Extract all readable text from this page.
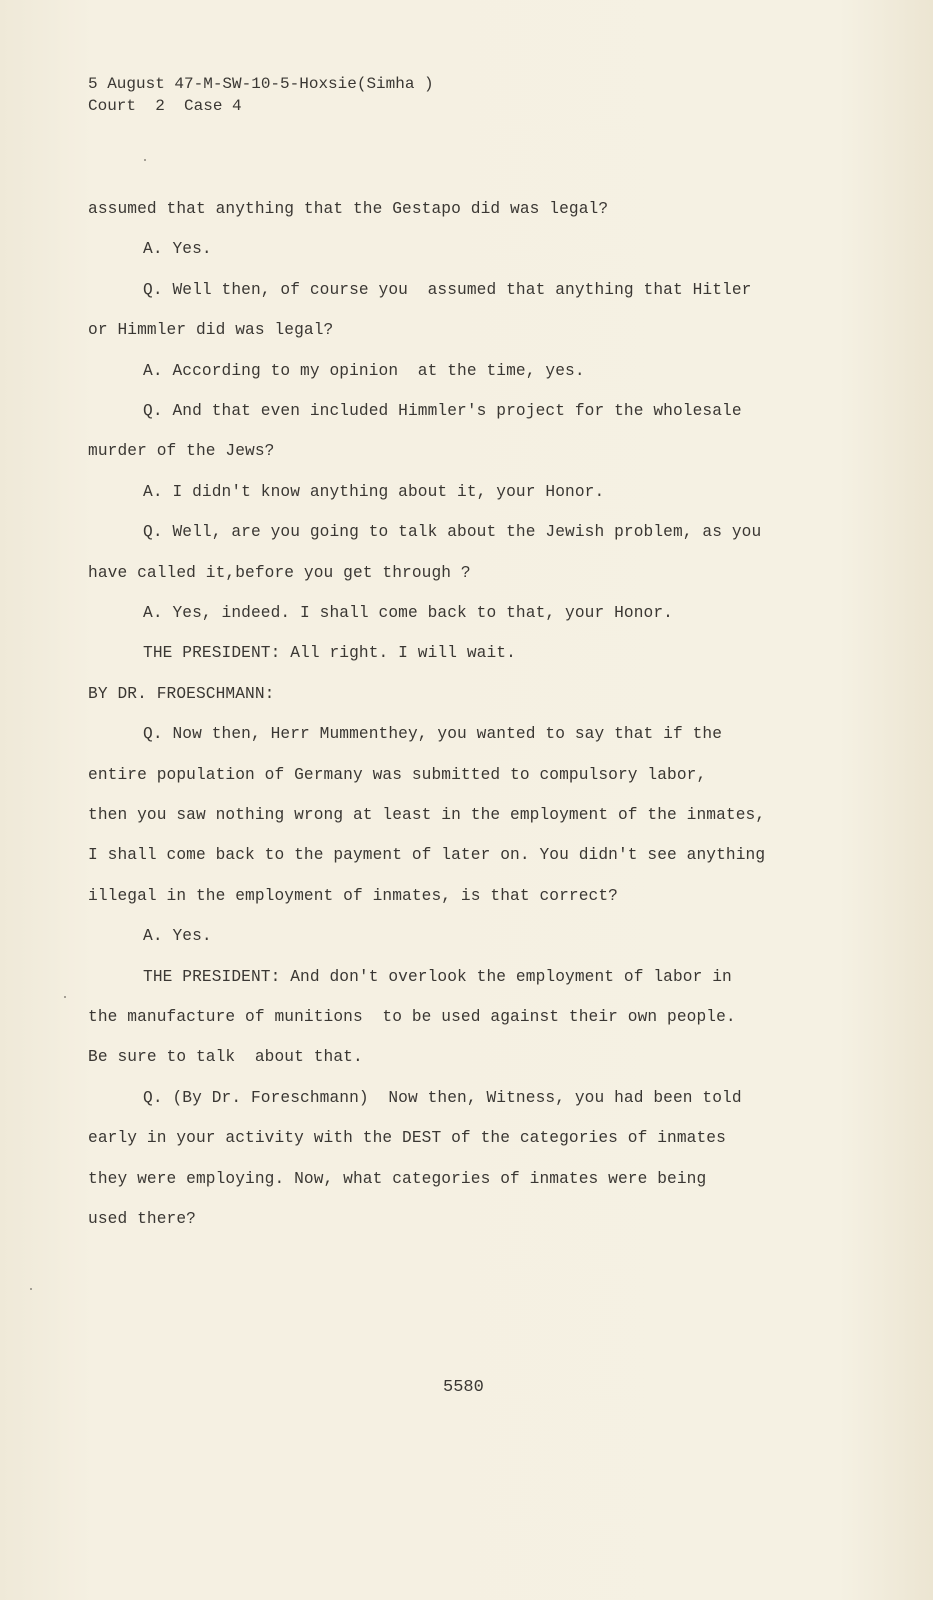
5 August 47-M-SW-10-5-Hoxsie(Simha )
Court  2  Case 4
assumed that anything that the Gestapo did was legal?
A. Yes.
Q. Well then, of course you  assumed that anything that Hitler
or Himmler did was legal?
A. According to my opinion  at the time, yes.
Q. And that even included Himmler's project for the wholesale
murder of the Jews?
A. I didn't know anything about it, your Honor.
Q. Well, are you going to talk about the Jewish problem, as you
have called it,before you get through ?
A. Yes, indeed. I shall come back to that, your Honor.
THE PRESIDENT: All right. I will wait.
BY DR. FROESCHMANN:
Q. Now then, Herr Mummenthey, you wanted to say that if the
entire population of Germany was submitted to compulsory labor,
then you saw nothing wrong at least in the employment of the inmates,
I shall come back to the payment of later on. You didn't see anything
illegal in the employment of inmates, is that correct?
A. Yes.
THE PRESIDENT: And don't overlook the employment of labor in
the manufacture of munitions  to be used against their own people.
Be sure to talk  about that.
Q. (By Dr. Foreschmann)  Now then, Witness, you had been told
early in your activity with the DEST of the categories of inmates
they were employing. Now, what categories of inmates were being
used there?
5580
